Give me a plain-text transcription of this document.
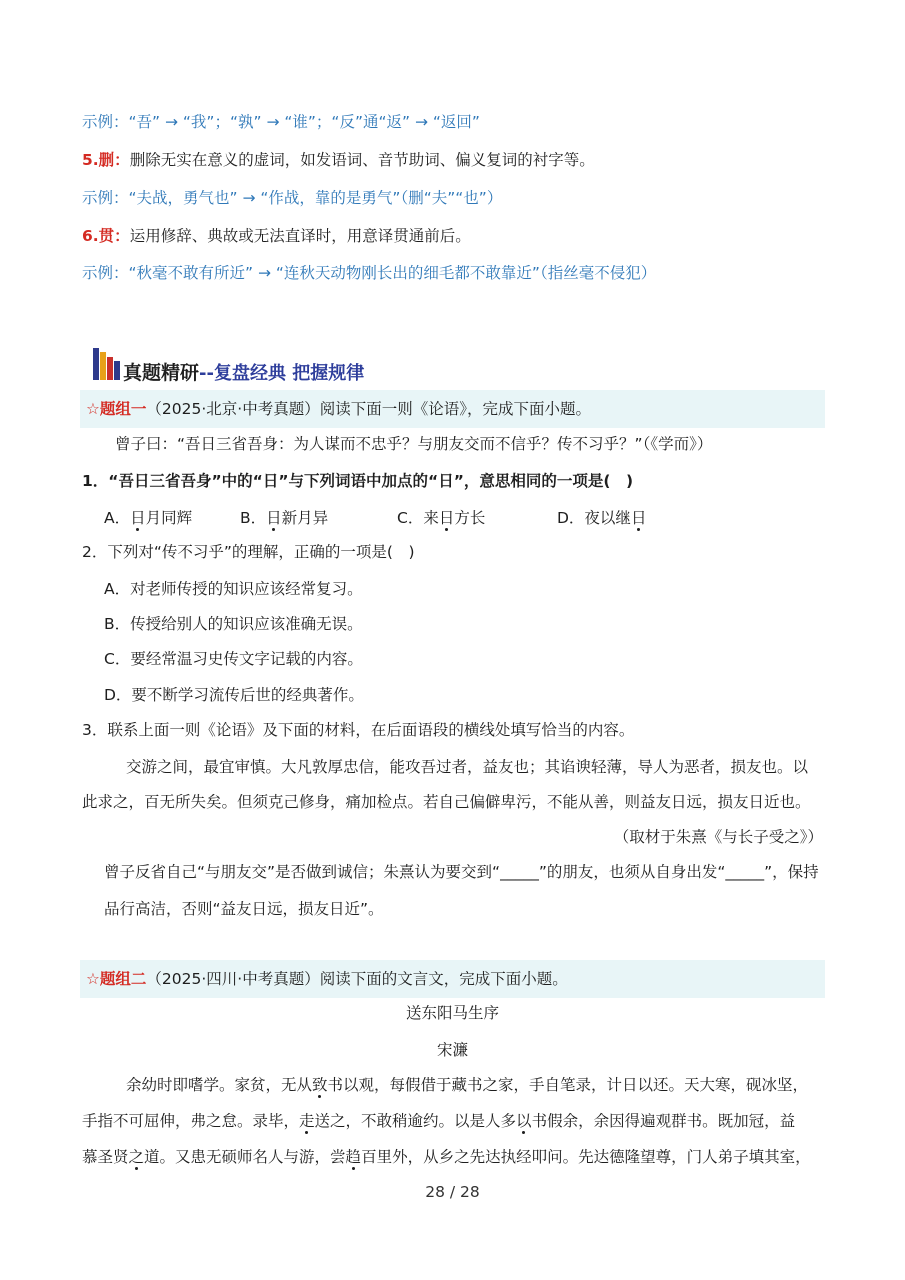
示例：“吾” → “我”；“孰” → “谁”；“反”通“返” → “返回”
5.删：删除无实在意义的虚词，如发语词、音节助词、偏义复词的衬字等。
示例：“夫战，勇气也” → “作战，靠的是勇气”（删“夫”“也”）
6.贯：运用修辞、典故或无法直译时，用意译贯通前后。
示例：“秋毫不敢有所近” → “连秋天动物刚长出的细毛都不敢靠近”（指丝毫不侵犯）
真题精研--复盘经典 把握规律
☆题组一（2025·北京·中考真题）阅读下面一则《论语》，完成下面小题。
曾子曰：“吾日三省吾身：为人谋而不忠乎？与朋友交而不信乎？传不习乎？”（《学而》）
1．“吾日三省吾身”中的“日”与下列词语中加点的“日”，意思相同的一项是(　)
A．日月同辉	B．日新月异	C．来日方长	D．夜以继日
2．下列对“传不习乎”的理解，正确的一项是(　)
A．对老师传授的知识应该经常复习。
B．传授给别人的知识应该准确无误。
C．要经常温习史传文字记载的内容。
D．要不断学习流传后世的经典著作。
3．联系上面一则《论语》及下面的材料，在后面语段的横线处填写恰当的内容。
交游之间，最宜审慎。大凡敦厚忠信，能攻吾过者，益友也；其谄谀轻薄，导人为恶者，损友也。以
此求之，百无所失矣。但须克己修身，痛加检点。若自己偏僻卑污，不能从善，则益友日远，损友日近也。
（取材于朱熹《与长子受之》）
曾子反省自己“与朋友交”是否做到诚信；朱熹认为要交到“_____”的朋友，也须从自身出发“_____”，保持
品行高洁，否则“益友日远，损友日近”。
☆题组二（2025·四川·中考真题）阅读下面的文言文，完成下面小题。
送东阳马生序
宋濂
余幼时即嗜学。家贫，无从致书以观，每假借于藏书之家，手自笔录，计日以还。天大寒，砚冰坚，
手指不可屈伸，弗之怠。录毕，走送之，不敢稍逾约。以是人多以书假余，余因得遍观群书。既加冠，益
慕圣贤之道。又患无硕师名人与游，尝趋百里外，从乡之先达执经叩问。先达德隆望尊，门人弟子填其室，
28 / 28
